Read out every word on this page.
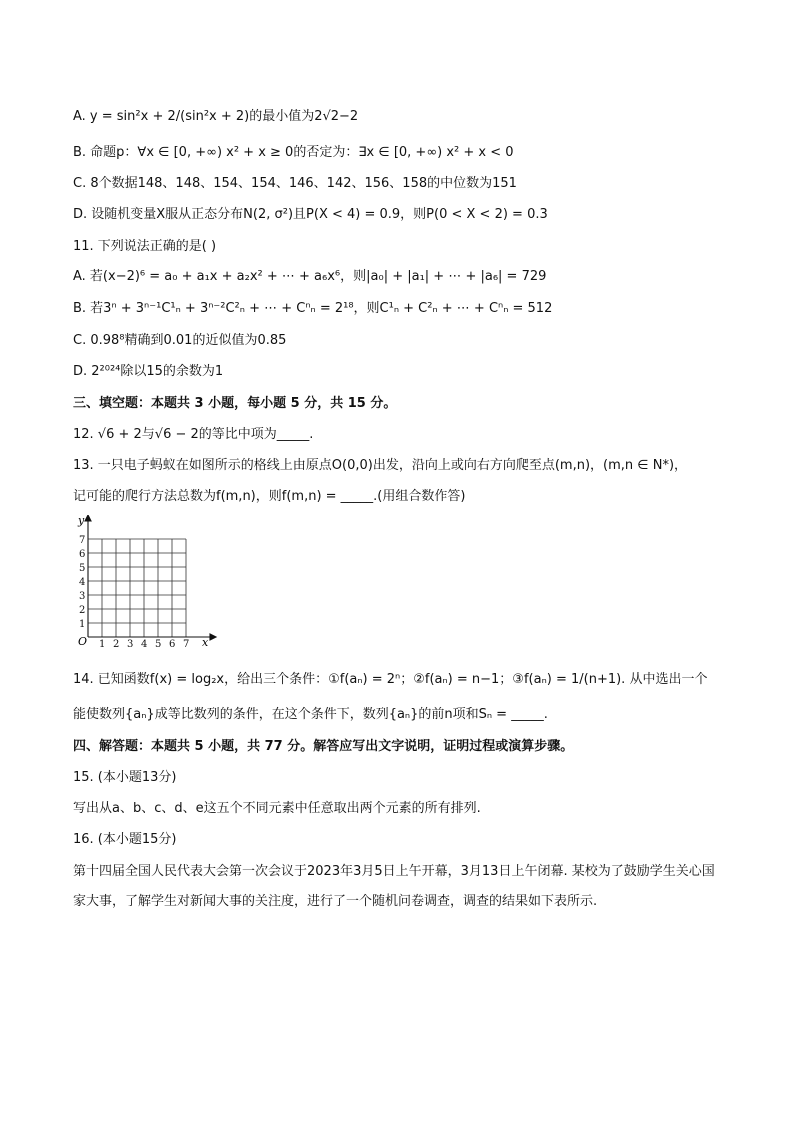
A. y = sin²x + 2/(sin²x + 2)的最小值为2√2−2
B. 命题p：∀x ∈ [0, +∞) x² + x ≥ 0的否定为：∃x ∈ [0, +∞) x² + x < 0
C. 8个数据148、148、154、154、146、142、156、158的中位数为151
D. 设随机变量X服从正态分布N(2, σ²)且P(X < 4) = 0.9，则P(0 < X < 2) = 0.3
11. 下列说法正确的是( )
A. 若(x−2)⁶ = a₀ + a₁x + a₂x² + ⋯ + a₆x⁶，则|a₀| + |a₁| + ⋯ + |a₆| = 729
B. 若3ⁿ + 3ⁿ⁻¹C¹ₙ + 3ⁿ⁻²C²ₙ + ⋯ + Cⁿₙ = 2¹⁸，则C¹ₙ + C²ₙ + ⋯ + Cⁿₙ = 512
C. 0.98⁸精确到0.01的近似值为0.85
D. 2²⁰²⁴除以15的余数为1
三、填空题：本题共 3 小题，每小题 5 分，共 15 分。
12. √6 + 2与√6 − 2的等比中项为_____.
13. 一只电子蚂蚁在如图所示的格线上由原点O(0,0)出发，沿向上或向右方向爬至点(m,n)，(m,n ∈ N*)，
记可能的爬行方法总数为f(m,n)，则f(m,n) = _____.(用组合数作答)
1 2 3 4 5 6 7
1
2
3
4
5
6
7
O	x
y
14. 已知函数f(x) = log₂x，给出三个条件：①f(aₙ) = 2ⁿ；②f(aₙ) = n−1；③f(aₙ) = 1/(n+1). 从中选出一个
能使数列{aₙ}成等比数列的条件，在这个条件下，数列{aₙ}的前n项和Sₙ = _____.
四、解答题：本题共 5 小题，共 77 分。解答应写出文字说明，证明过程或演算步骤。
15. (本小题13分)
写出从a、b、c、d、e这五个不同元素中任意取出两个元素的所有排列.
16. (本小题15分)
第十四届全国人民代表大会第一次会议于2023年3月5日上午开幕，3月13日上午闭幕. 某校为了鼓励学生关心国家大事，了解学生对新闻大事的关注度，进行了一个随机问卷调查，调查的结果如下表所示.
